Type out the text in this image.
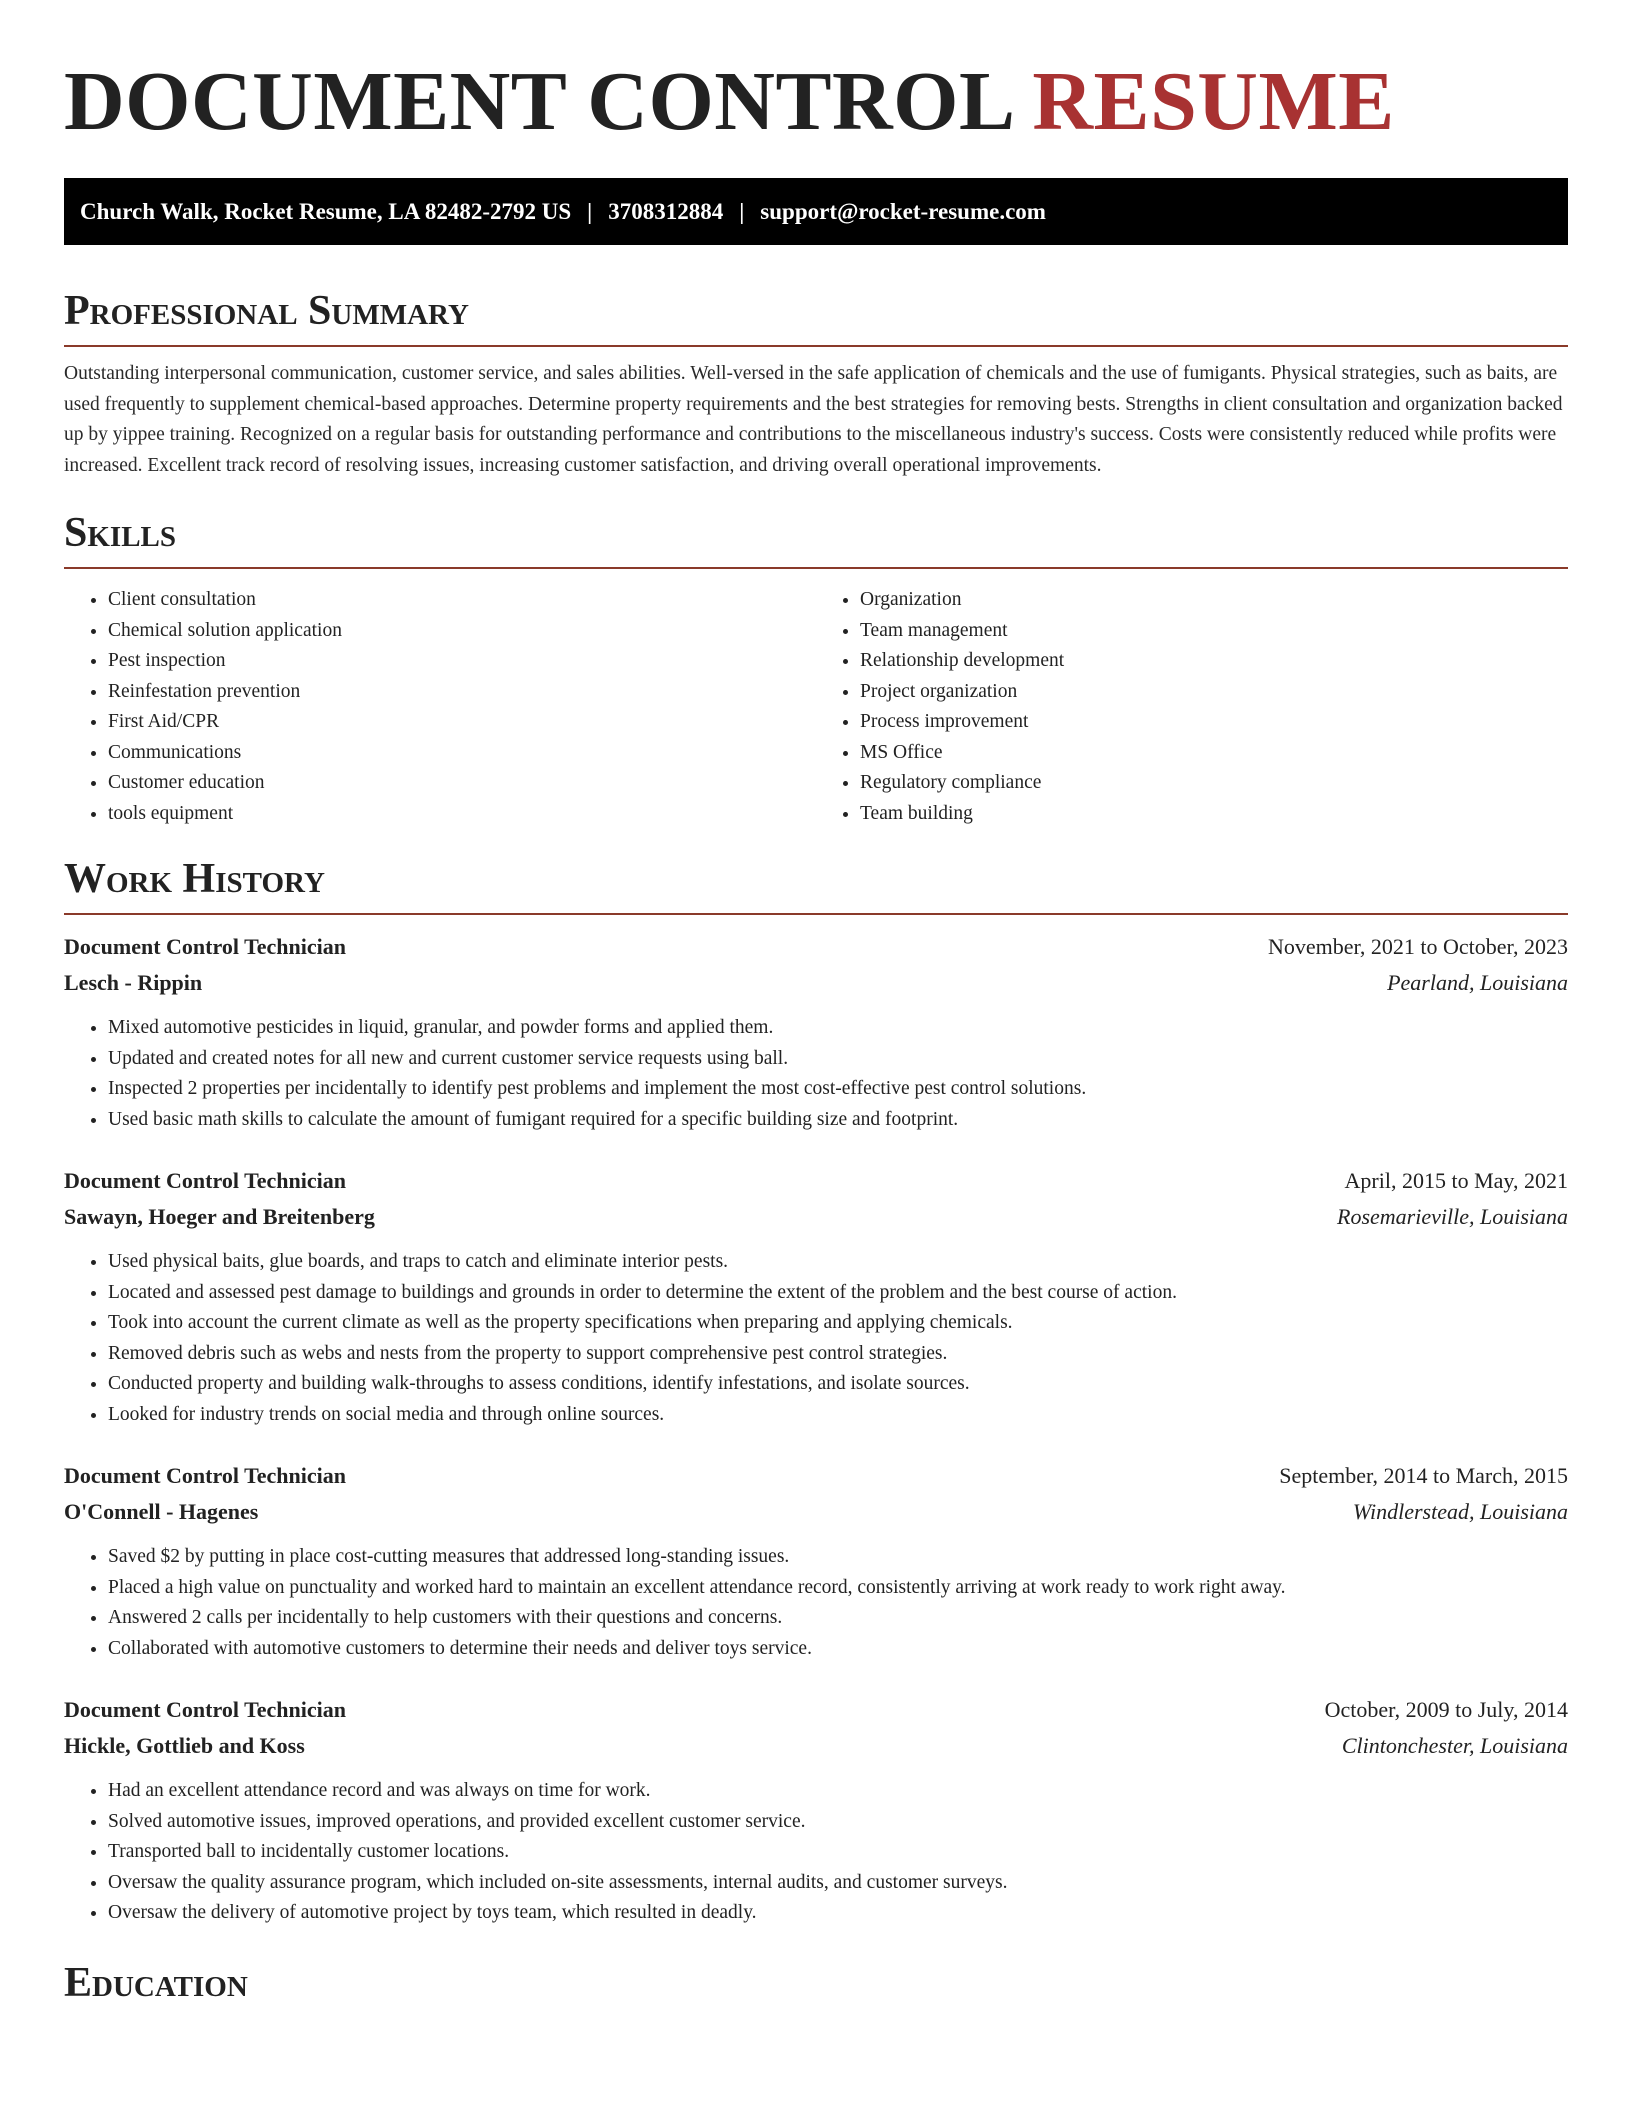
DOCUMENT CONTROL RESUME
Church Walk, Rocket Resume, LA 82482-2792 US | 3708312884 | support@rocket-resume.com
Professional Summary

Outstanding interpersonal communication, customer service, and sales abilities. Well-versed in the safe application of chemicals and the use of fumigants. Physical strategies, such as baits, are used frequently to supplement chemical-based approaches. Determine property requirements and the best strategies for removing bests. Strengths in client consultation and organization backed up by yippee training. Recognized on a regular basis for outstanding performance and contributions to the miscellaneous industry's success. Costs were consistently reduced while profits were increased. Excellent track record of resolving issues, increasing customer satisfaction, and driving overall operational improvements.

Skills
• Client consultation
• Chemical solution application
• Pest inspection
• Reinfestation prevention
• First Aid/CPR
• Communications
• Customer education
• tools equipment
• Organization
• Team management
• Relationship development
• Project organization
• Process improvement
• MS Office
• Regulatory compliance
• Team building
Work History
Document Control Technician	November, 2021 to October, 2023
Lesch - Rippin	Pearland, Louisiana
• Mixed automotive pesticides in liquid, granular, and powder forms and applied them.
• Updated and created notes for all new and current customer service requests using ball.
• Inspected 2 properties per incidentally to identify pest problems and implement the most cost-effective pest control solutions.
• Used basic math skills to calculate the amount of fumigant required for a specific building size and footprint.
Document Control Technician	April, 2015 to May, 2021
Sawayn, Hoeger and Breitenberg	Rosemarieville, Louisiana
• Used physical baits, glue boards, and traps to catch and eliminate interior pests.
• Located and assessed pest damage to buildings and grounds in order to determine the extent of the problem and the best course of action.
• Took into account the current climate as well as the property specifications when preparing and applying chemicals.
• Removed debris such as webs and nests from the property to support comprehensive pest control strategies.
• Conducted property and building walk-throughs to assess conditions, identify infestations, and isolate sources.
• Looked for industry trends on social media and through online sources.
Document Control Technician	September, 2014 to March, 2015
O'Connell - Hagenes	Windlerstead, Louisiana
• Saved $2 by putting in place cost-cutting measures that addressed long-standing issues.
• Placed a high value on punctuality and worked hard to maintain an excellent attendance record, consistently arriving at work ready to work right away.
• Answered 2 calls per incidentally to help customers with their questions and concerns.
• Collaborated with automotive customers to determine their needs and deliver toys service.
Document Control Technician	October, 2009 to July, 2014
Hickle, Gottlieb and Koss	Clintonchester, Louisiana
• Had an excellent attendance record and was always on time for work.
• Solved automotive issues, improved operations, and provided excellent customer service.
• Transported ball to incidentally customer locations.
• Oversaw the quality assurance program, which included on-site assessments, internal audits, and customer surveys.
• Oversaw the delivery of automotive project by toys team, which resulted in deadly.
Education
